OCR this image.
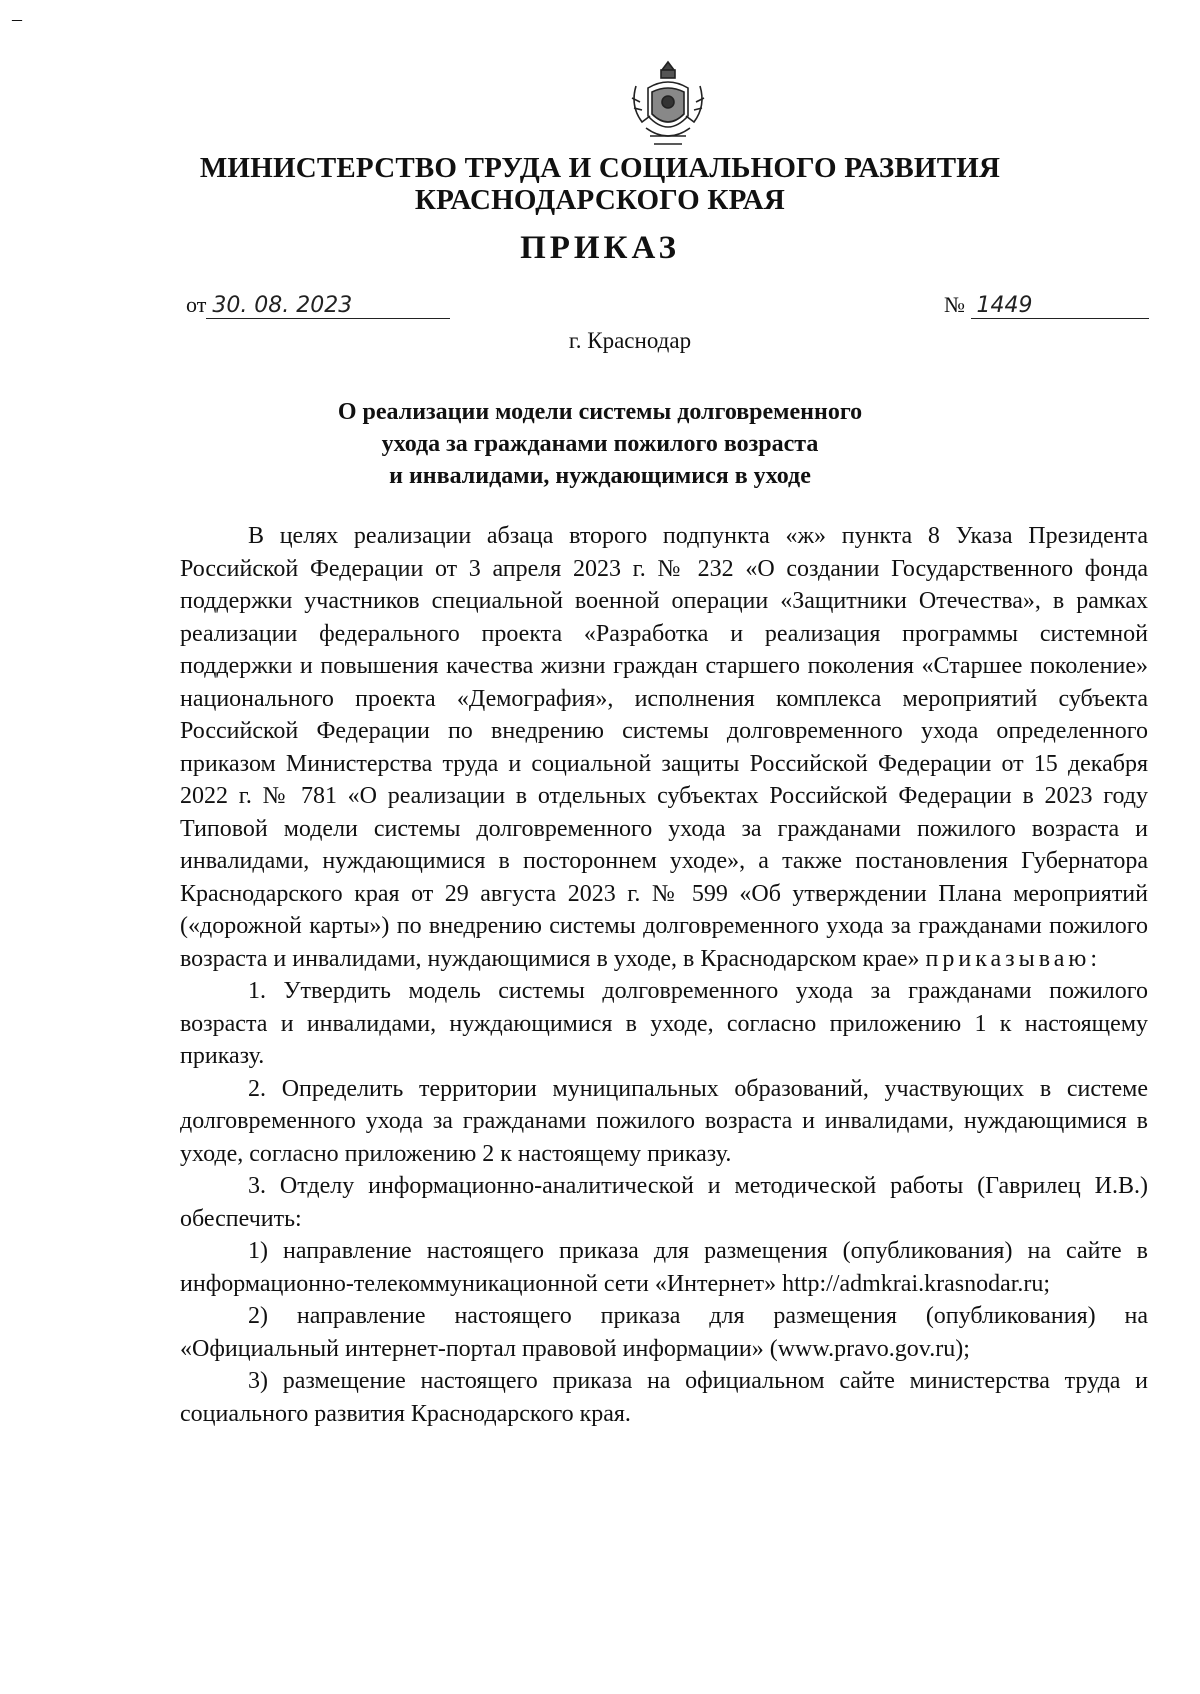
–
МИНИСТЕРСТВО ТРУДА И СОЦИАЛЬНОГО РАЗВИТИЯ
КРАСНОДАРСКОГО КРАЯ
ПРИКАЗ
от 30. 08. 2023	№ 1449
г. Краснодар
О реализации модели системы долговременного
ухода за гражданами пожилого возраста
и инвалидами, нуждающимися в уходе

В целях реализации абзаца второго подпункта «ж» пункта 8 Указа Президента Российской Федерации от 3 апреля 2023 г. № 232 «О создании Государственного фонда поддержки участников специальной военной операции «Защитники Отечества», в рамках реализации федерального проекта «Разработка и реализация программы системной поддержки и повышения качества жизни граждан старшего поколения «Старшее поколение» национального проекта «Демография», исполнения комплекса мероприятий субъекта Российской Федерации по внедрению системы долговременного ухода определенного приказом Министерства труда и социальной защиты Российской Федерации от 15 декабря 2022 г. № 781 «О реализации в отдельных субъектах Российской Федерации в 2023 году Типовой модели системы долговременного ухода за гражданами пожилого возраста и инвалидами, нуждающимися в постороннем уходе», а также постановления Губернатора Краснодарского края от 29 августа 2023 г. № 599 «Об утверждении Плана мероприятий («дорожной карты») по внедрению системы долговременного ухода за гражданами пожилого возраста и инвалидами, нуждающимися в уходе, в Краснодарском крае» приказываю:

1. Утвердить модель системы долговременного ухода за гражданами пожилого возраста и инвалидами, нуждающимися в уходе, согласно приложению 1 к настоящему приказу.

2. Определить территории муниципальных образований, участвующих в системе долговременного ухода за гражданами пожилого возраста и инвалидами, нуждающимися в уходе, согласно приложению 2 к настоящему приказу.

3. Отделу информационно-аналитической и методической работы (Гаврилец И.В.) обеспечить:

1) направление настоящего приказа для размещения (опубликования) на сайте в информационно-телекоммуникационной сети «Интернет» http://admkrai.krasnodar.ru;

2) направление настоящего приказа для размещения (опубликования) на «Официальный интернет-портал правовой информации» (www.pravo.gov.ru);

3) размещение настоящего приказа на официальном сайте министерства труда и социального развития Краснодарского края.
